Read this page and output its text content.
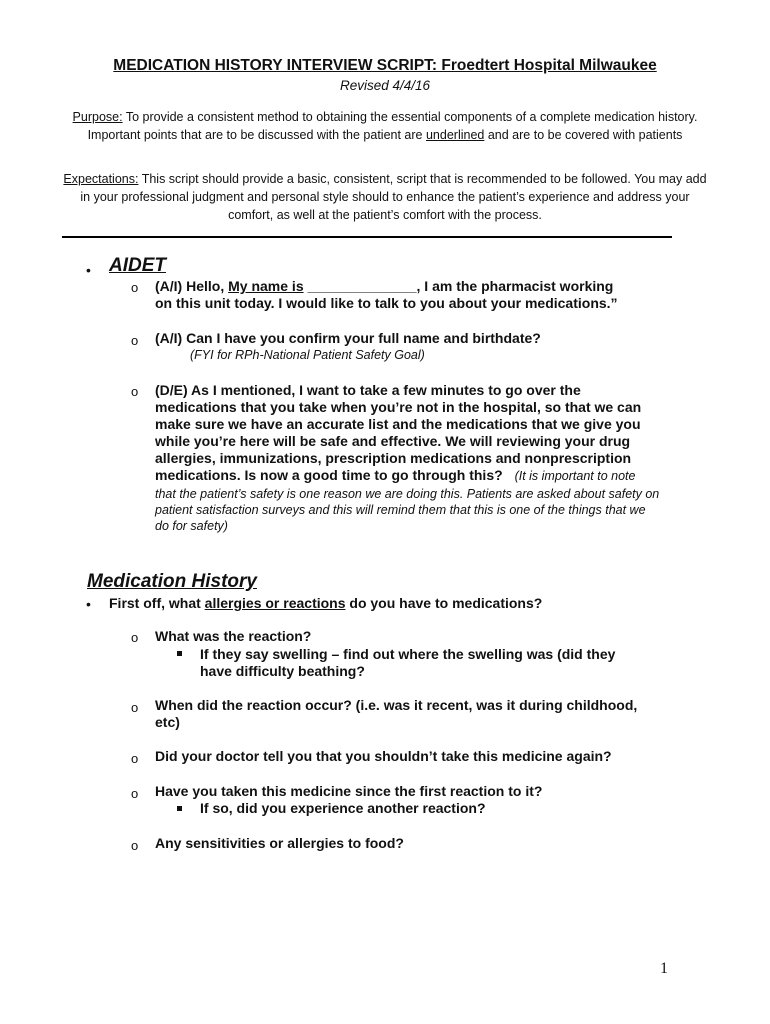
MEDICATION HISTORY INTERVIEW SCRIPT: Froedtert Hospital Milwaukee
Revised 4/4/16
Purpose: To provide a consistent method to obtaining the essential components of a complete medication history. Important points that are to be discussed with the patient are underlined and are to be covered with patients
Expectations: This script should provide a basic, consistent, script that is recommended to be followed. You may add in your professional judgment and personal style should to enhance the patient’s experience and address your comfort, as well at the patient’s comfort with the process.
• AIDET
o (A/I) Hello, My name is ______________, I am the pharmacist working
on this unit today. I would like to talk to you about your medications.”
o (A/I) Can I have you confirm your full name and birthdate?
(FYI for RPh-National Patient Safety Goal)
o (D/E) As I mentioned, I want to take a few minutes to go over the
medications that you take when you’re not in the hospital, so that we can
make sure we have an accurate list and the medications that we give you
while you’re here will be safe and effective. We will reviewing your drug
allergies, immunizations, prescription medications and nonprescription
medications. Is now a good time to go through this? (It is important to note
that the patient’s safety is one reason we are doing this. Patients are asked about safety on
patient satisfaction surveys and this will remind them that this is one of the things that we
do for safety)
Medication History
• First off, what allergies or reactions do you have to medications?
o What was the reaction?
If they say swelling – find out where the swelling was (did they
have difficulty beathing?
o When did the reaction occur? (i.e. was it recent, was it during childhood,
etc)
o Did your doctor tell you that you shouldn’t take this medicine again?
o Have you taken this medicine since the first reaction to it?
If so, did you experience another reaction?
o Any sensitivities or allergies to food?
1
